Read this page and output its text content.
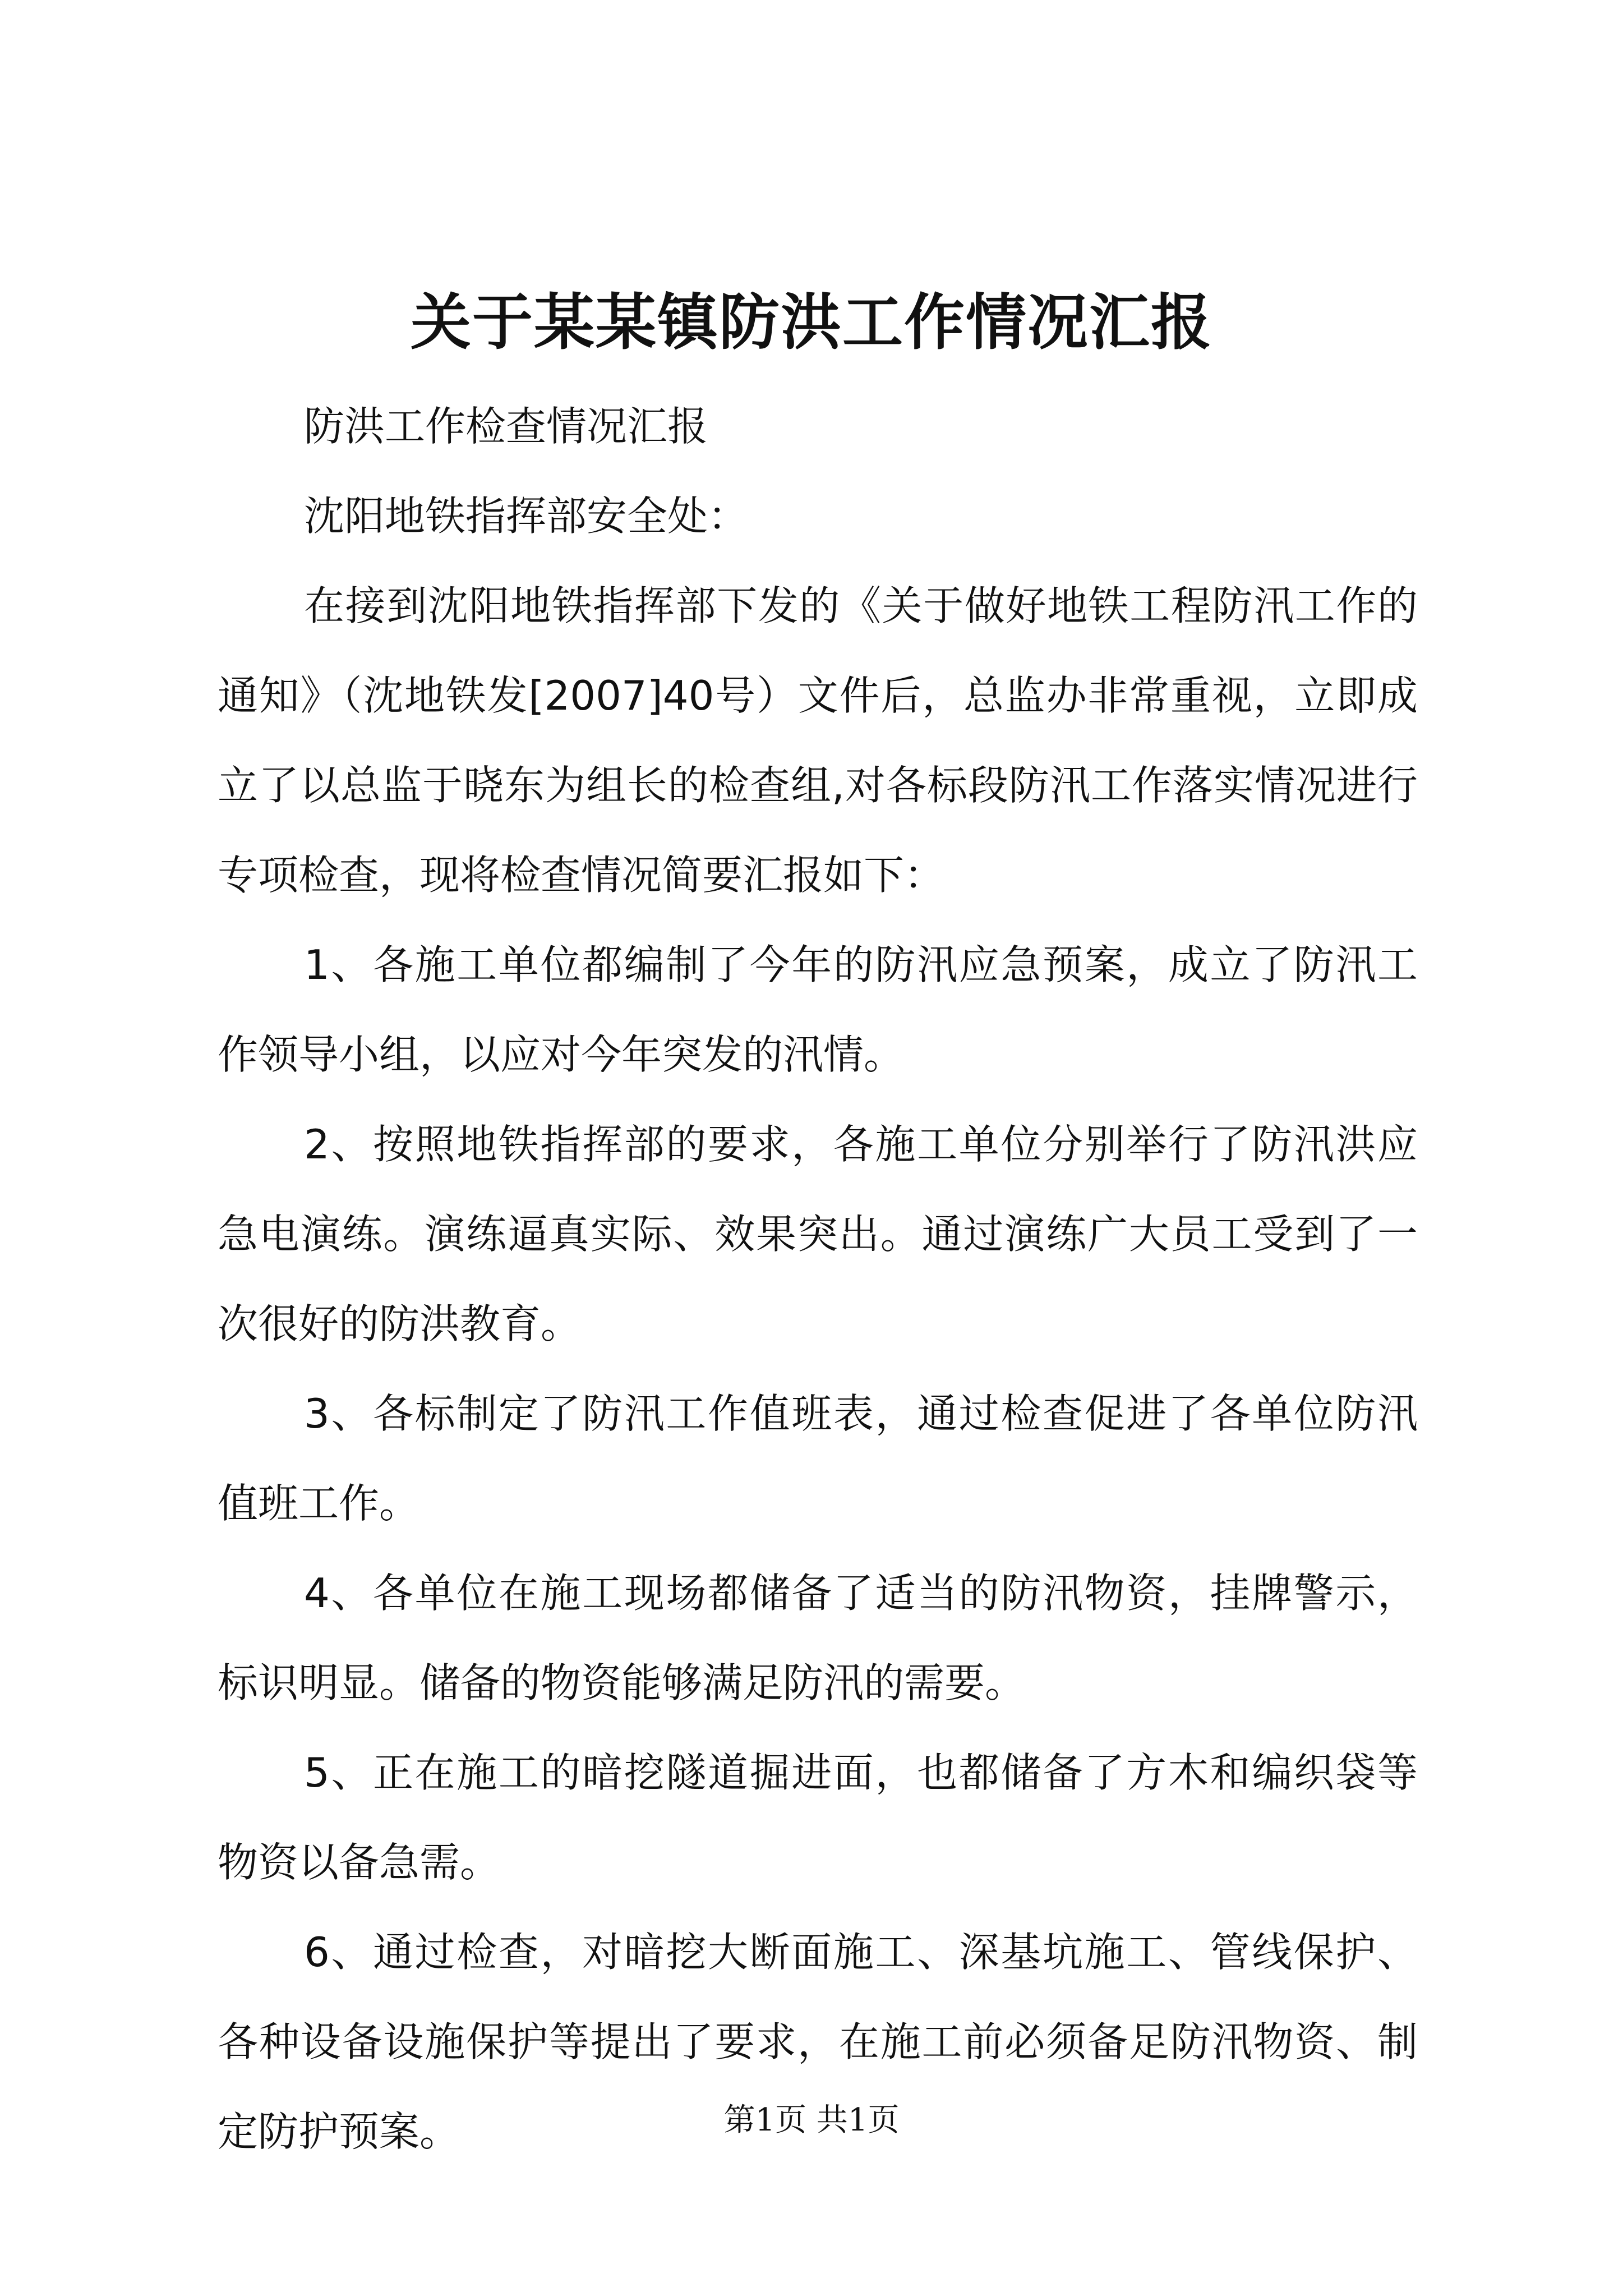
关于某某镇防洪工作情况汇报

防洪工作检查情况汇报

沈阳地铁指挥部安全处：

在接到沈阳地铁指挥部下发的《关于做好地铁工程防汛工作的通知》（沈地铁发[2007]40号）文件后，总监办非常重视，立即成立了以总监于晓东为组长的检查组,对各标段防汛工作落实情况进行专项检查，现将检查情况简要汇报如下：

1、各施工单位都编制了今年的防汛应急预案，成立了防汛工作领导小组，以应对今年突发的汛情。

2、按照地铁指挥部的要求，各施工单位分别举行了防汛洪应急电演练。演练逼真实际、效果突出。通过演练广大员工受到了一次很好的防洪教育。

3、各标制定了防汛工作值班表，通过检查促进了各单位防汛值班工作。

4、各单位在施工现场都储备了适当的防汛物资，挂牌警示，标识明显。储备的物资能够满足防汛的需要。

5、正在施工的暗挖隧道掘进面，也都储备了方木和编织袋等物资以备急需。

6、通过检查，对暗挖大断面施工、深基坑施工、管线保护、各种设备设施保护等提出了要求，在施工前必须备足防汛物资、制定防护预案。	第1页 共1页
